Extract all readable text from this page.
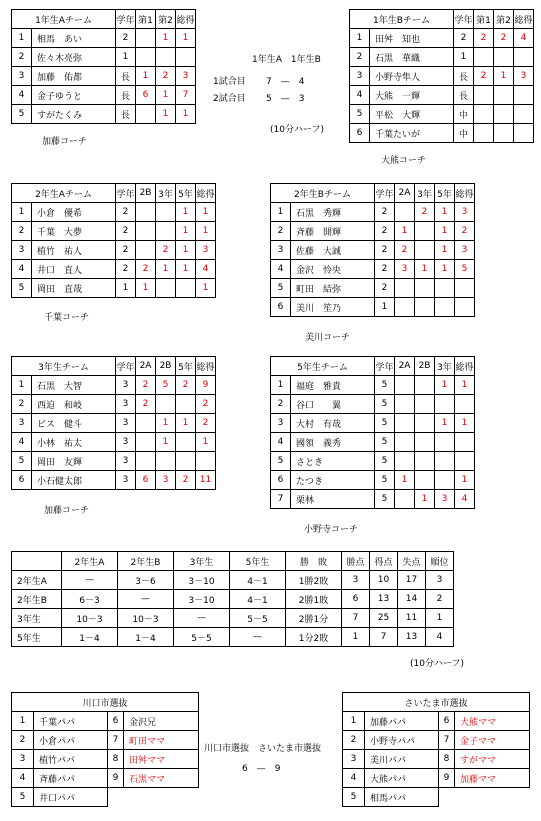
1年生Aチーム		学年	第1	第2	総得
1	相馬　あい	2		1	1
2	佐々木亮弥	1			
3	加藤　佑都	長	1	2	3
4	金子ゆうと	長	6	1	7
5	すがたくみ	長		1	1
加藤コーチ
1年生A　1年生B
1試合目 7　—　4
2試合目 5　—　3
(10分ハーフ)
1年生Bチーム		学年	第1	第2	総得
1	田舛　知也	2	2	2	4
2	石黒　華織	1			
3	小野寺隼人	長	2	1	3
4	大熊　一輝	長			
5	平松　大輝	中			
6	千葉たいが	中			
大熊コーチ
2年生Aチーム		学年	2B	3年	5年	総得
1	小倉　優希	2			1	1
2	千葉　大夢	2			1	1
3	植竹　祐人	2		2	1	3
4	井口　直人	2	2	1	1	4
5	岡田　直哉	1	1			1
千葉コーチ
2年生Bチーム		学年	2A	3年	5年	総得
1	石黒　秀輝	2		2	1	3
2	斉藤　開輝	2	1		1	2
3	佐藤　大誠	2	2		1	3
4	金沢　怜央	2	3	1	1	5
5	町田　結弥	2				
6	美川　笙乃	1				
美川コーチ
3年生チーム		学年	2A	2B	5年	総得
1	石黒　大智	3	2	5	2	9
2	西迫　和岐	3	2			2
3	ビス　健斗	3		1	1	2
4	小林　祐太	3		1		1
5	岡田　友輝	3				
6	小石健太郎	3	6	3	2	11
加藤コーチ
5年生チーム		学年	2A	2B	3年	総得
1	福庭　雅貴	5			1	1
2	谷口　　翼	5				
3	大村　有哉	5			1	1
4	國領　義秀	5				
5	さとき	5				
6	たつき	5	1			1
7	栗林	5		1	3	4
小野寺コーチ
	2年生A	2年生B	3年生	5年生	勝　敗	勝点	得点	失点	順位
2年生A	—	3－6	3－10	4－1	1勝2敗	3	10	17	3
2年生B	6－3	—	3－10	4－1	2勝1敗	6	13	14	2
3年生	10－3	10－3	—	5－5	2勝1分	7	25	11	1
5年生	1－4	1－4	5－5	—	1分2敗	1	7	13	4
(10分ハーフ)
川口市選抜			
1	千葉パパ	6	金沢兄
2	小倉パパ	7	町田ママ
3	植竹パパ	8	田舛ママ
4	斉藤パパ	9	石黒ママ
5	井口パパ		
川口市選抜　さいたま市選抜
6　—　9
さいたま市選抜			
1	加藤パパ	6	大熊ママ
2	小野寺パパ	7	金子ママ
3	美川パパ	8	すがママ
4	大熊パパ	9	加藤ママ
5	相馬パパ		
